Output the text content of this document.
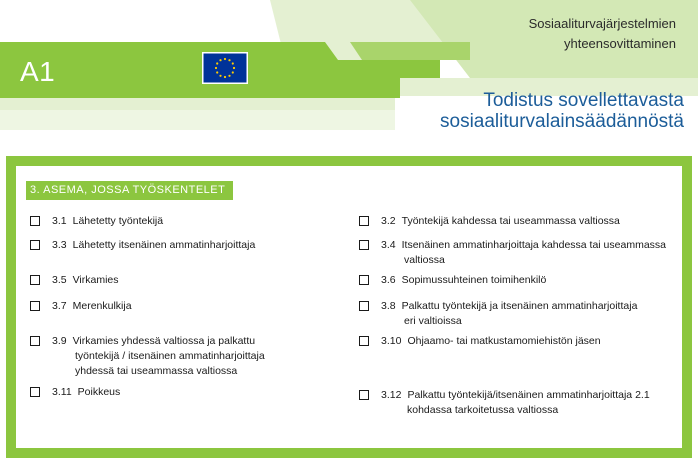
A1
Sosiaaliturvajärjestelmien
yhteensovittaminen
Todistus sovellettavasta
sosiaaliturvalainsäädännöstä
3. ASEMA, JOSSA TYÖSKENTELET
3.1 Lähetetty työntekijä
3.3 Lähetetty itsenäinen ammatinharjoittaja
3.5 Virkamies
3.7 Merenkulkija
3.9 Virkamies yhdessä valtiossa ja palkattu
työntekijä / itsenäinen ammatinharjoittaja
yhdessä tai useammassa valtiossa
3.11 Poikkeus
3.2 Työntekijä kahdessa tai useammassa valtiossa
3.4 Itsenäinen ammatinharjoittaja kahdessa tai useammassa
valtiossa
3.6 Sopimussuhteinen toimihenkilö
3.8 Palkattu työntekijä ja itsenäinen ammatinharjoittaja
eri valtioissa
3.10 Ohjaamo- tai matkustamomiehistön jäsen
3.12 Palkattu työntekijä/itsenäinen ammatinharjoittaja 2.1
kohdassa tarkoitetussa valtiossa
